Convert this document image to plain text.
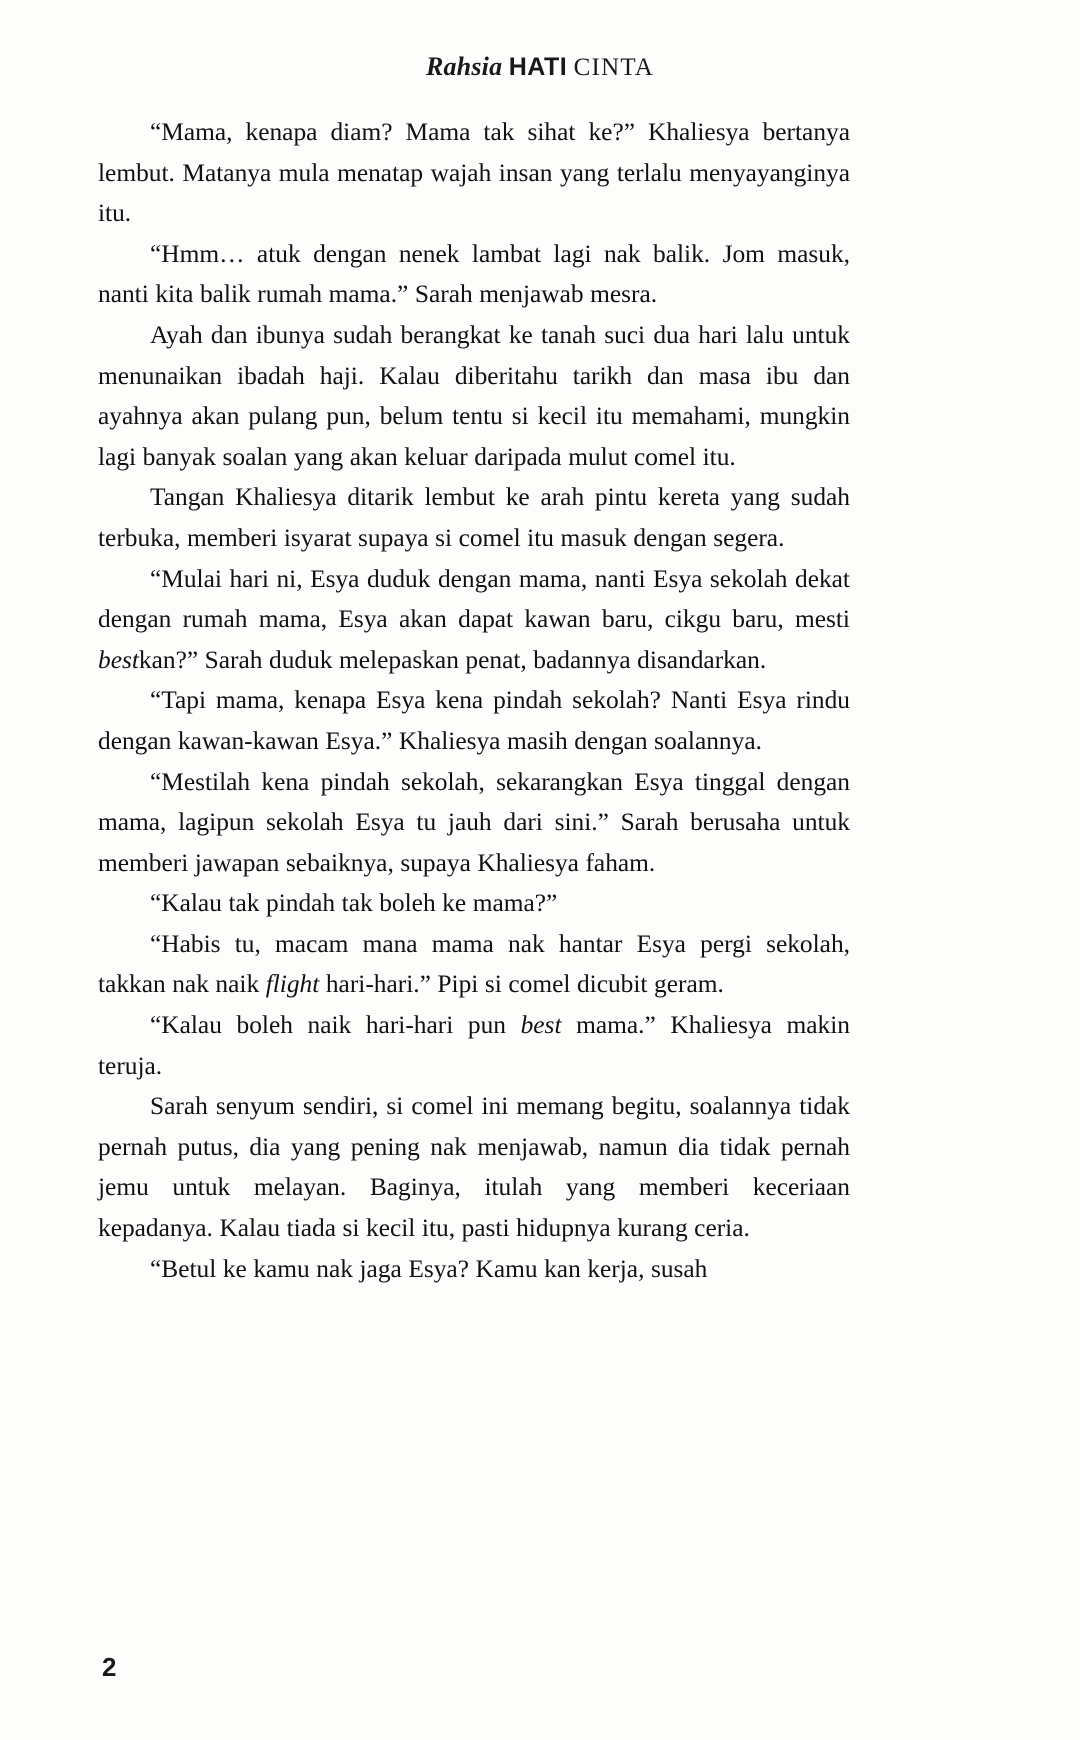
Rahsia HATI CINTA

“Mama, kenapa diam? Mama tak sihat ke?” Khaliesya bertanya lembut. Matanya mula menatap wajah insan yang terlalu menyayanginya itu.

“Hmm… atuk dengan nenek lambat lagi nak balik. Jom masuk, nanti kita balik rumah mama.” Sarah menjawab mesra.

Ayah dan ibunya sudah berangkat ke tanah suci dua hari lalu untuk menunaikan ibadah haji. Kalau diberitahu tarikh dan masa ibu dan ayahnya akan pulang pun, belum tentu si kecil itu memahami, mungkin lagi banyak soalan yang akan keluar daripada mulut comel itu.

Tangan Khaliesya ditarik lembut ke arah pintu kereta yang sudah terbuka, memberi isyarat supaya si comel itu masuk dengan segera.

“Mulai hari ni, Esya duduk dengan mama, nanti Esya sekolah dekat dengan rumah mama, Esya akan dapat kawan baru, cikgu baru, mesti bestkan?” Sarah duduk melepaskan penat, badannya disandarkan.

“Tapi mama, kenapa Esya kena pindah sekolah? Nanti Esya rindu dengan kawan-kawan Esya.” Khaliesya masih dengan soalannya.

“Mestilah kena pindah sekolah, sekarangkan Esya tinggal dengan mama, lagipun sekolah Esya tu jauh dari sini.” Sarah berusaha untuk memberi jawapan sebaiknya, supaya Khaliesya faham.

“Kalau tak pindah tak boleh ke mama?”

“Habis tu, macam mana mama nak hantar Esya pergi sekolah, takkan nak naik flight hari-hari.” Pipi si comel dicubit geram.

“Kalau boleh naik hari-hari pun best mama.” Khaliesya makin teruja.

Sarah senyum sendiri, si comel ini memang begitu, soalannya tidak pernah putus, dia yang pening nak menjawab, namun dia tidak pernah jemu untuk melayan. Baginya, itulah yang memberi keceriaan kepadanya. Kalau tiada si kecil itu, pasti hidupnya kurang ceria.

“Betul ke kamu nak jaga Esya? Kamu kan kerja, susah

2
